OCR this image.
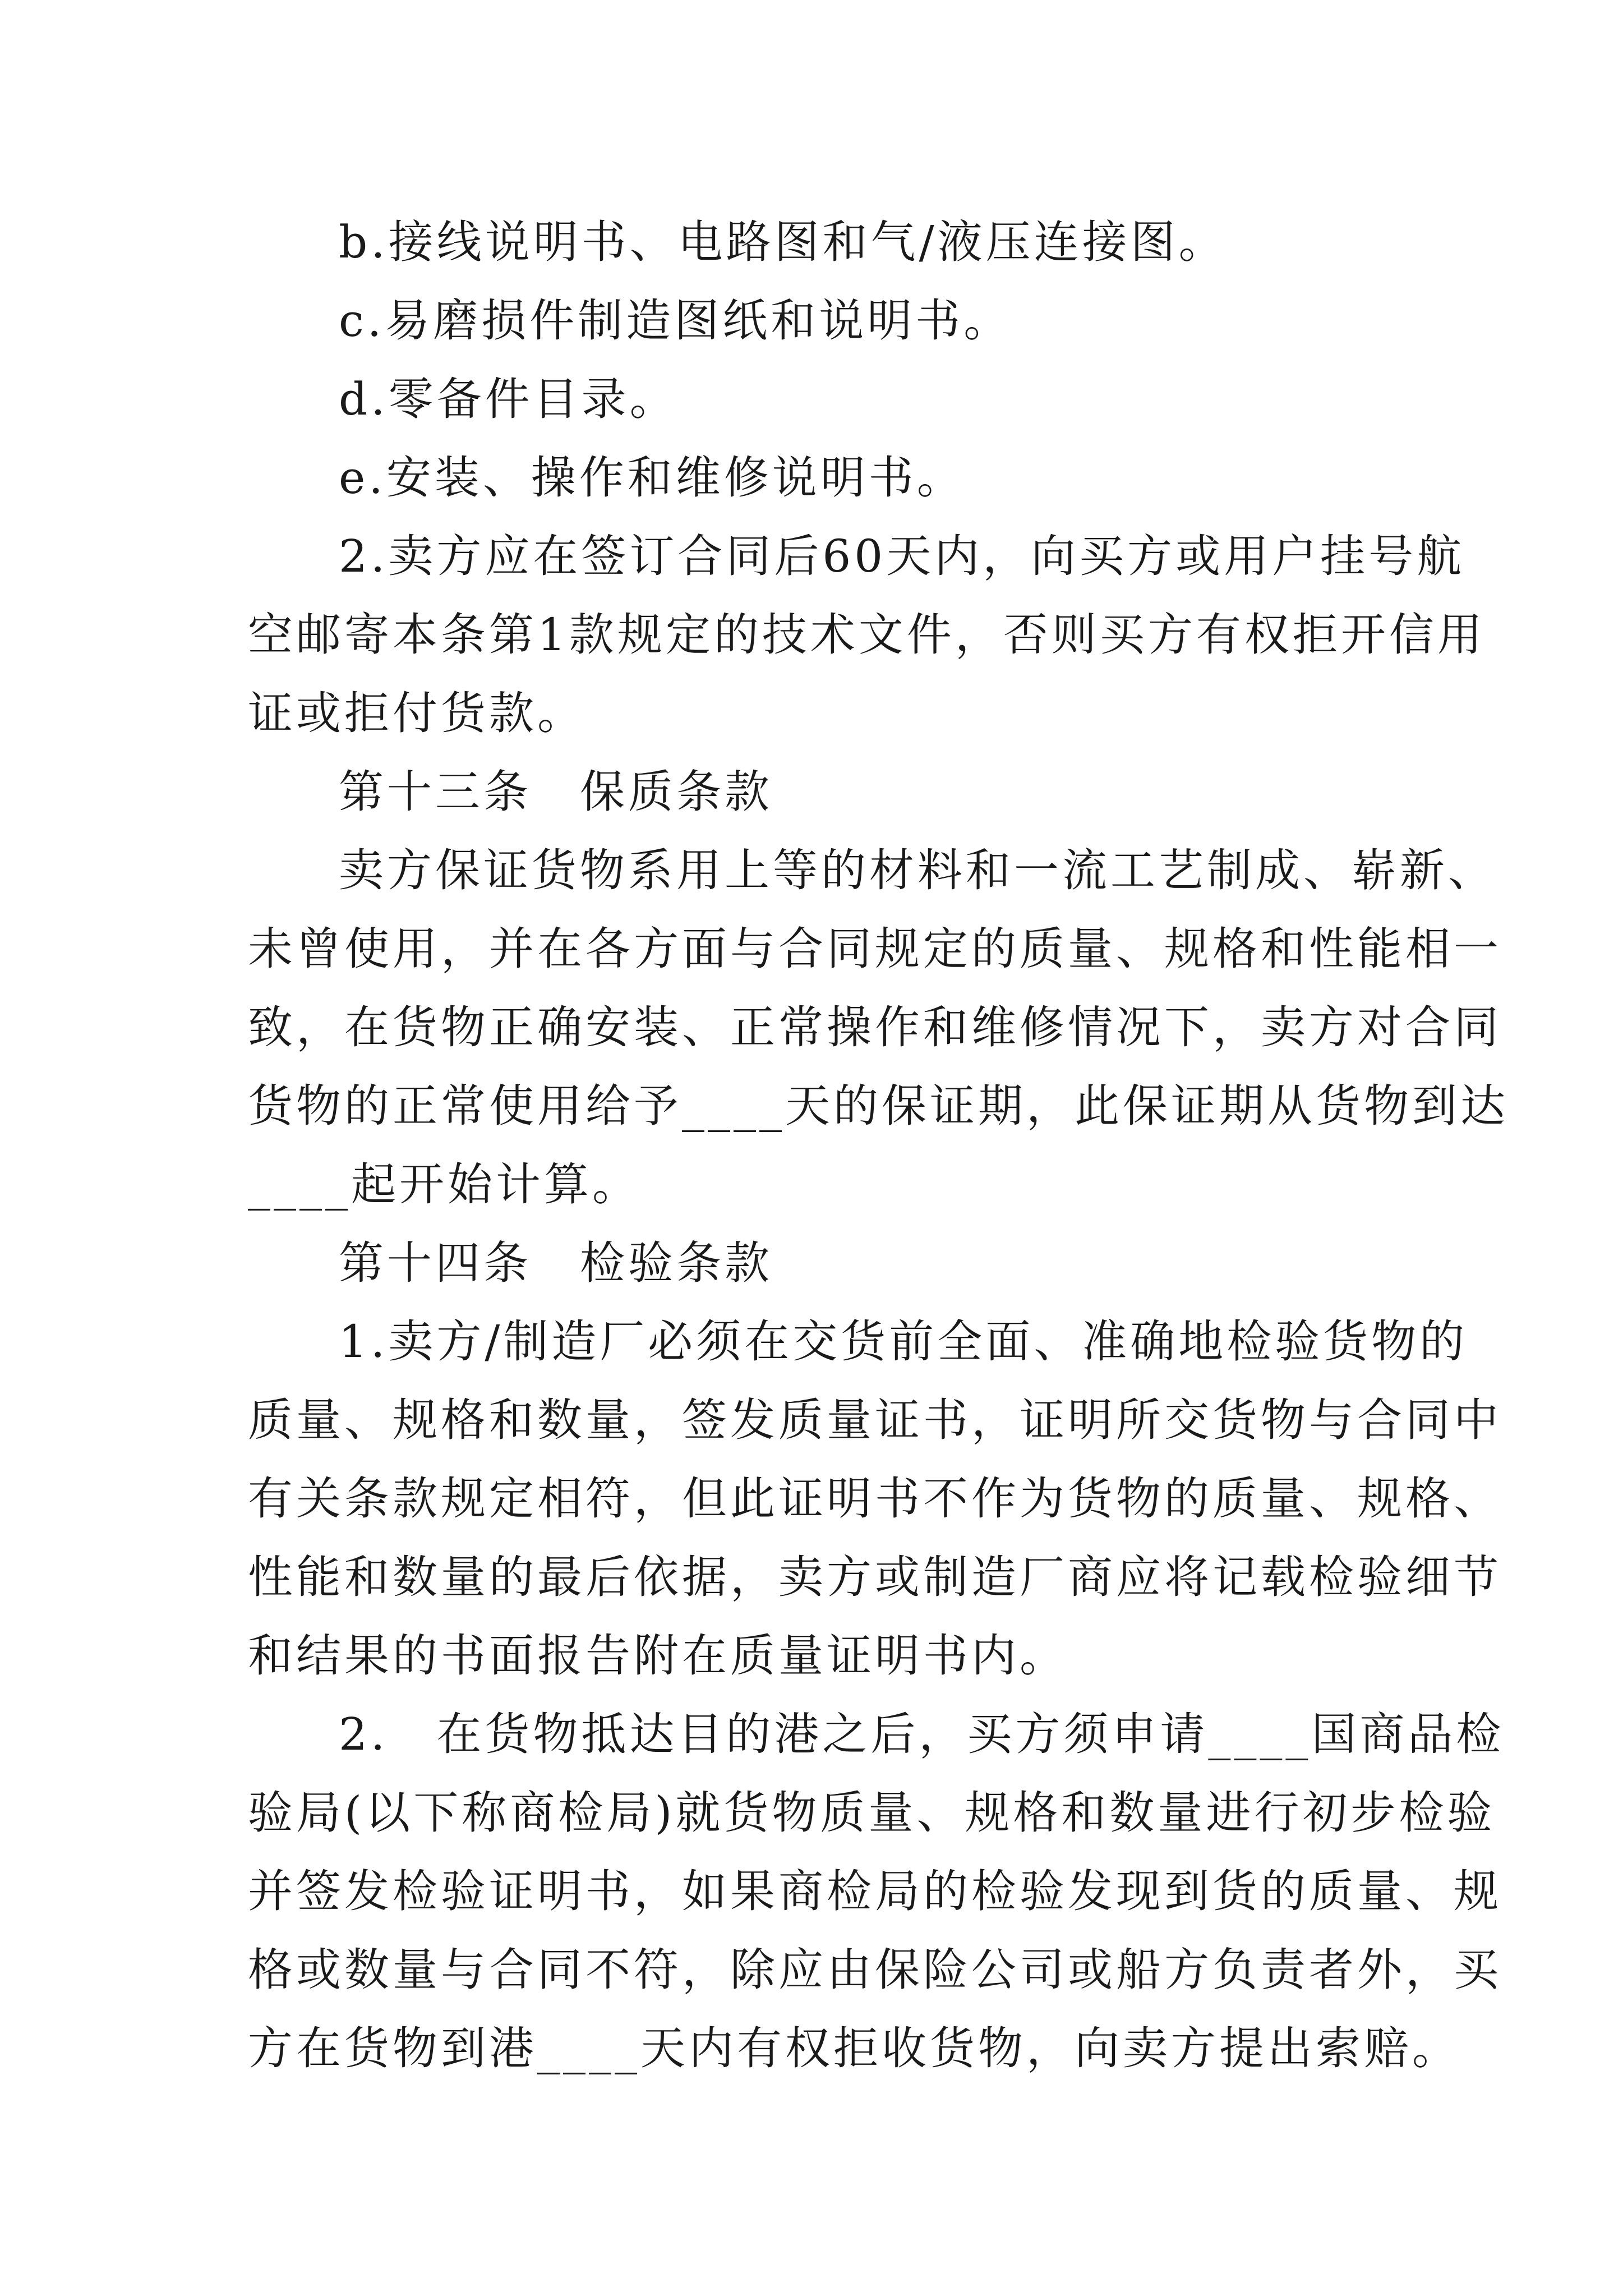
b.接线说明书、电路图和气/液压连接图。
c.易磨损件制造图纸和说明书。
d.零备件目录。
e.安装、操作和维修说明书。
2.卖方应在签订合同后60天内，向买方或用户挂号航
空邮寄本条第1款规定的技术文件，否则买方有权拒开信用
证或拒付货款。
第十三条　保质条款
卖方保证货物系用上等的材料和一流工艺制成、崭新、
未曾使用，并在各方面与合同规定的质量、规格和性能相一
致，在货物正确安装、正常操作和维修情况下，卖方对合同
货物的正常使用给予____天的保证期，此保证期从货物到达
____起开始计算。
第十四条　检验条款
1.卖方/制造厂必须在交货前全面、准确地检验货物的
质量、规格和数量，签发质量证书，证明所交货物与合同中
有关条款规定相符，但此证明书不作为货物的质量、规格、
性能和数量的最后依据，卖方或制造厂商应将记载检验细节
和结果的书面报告附在质量证明书内。
2.　在货物抵达目的港之后，买方须申请____国商品检
验局(以下称商检局)就货物质量、规格和数量进行初步检验
并签发检验证明书，如果商检局的检验发现到货的质量、规
格或数量与合同不符，除应由保险公司或船方负责者外，买
方在货物到港____天内有权拒收货物，向卖方提出索赔。
